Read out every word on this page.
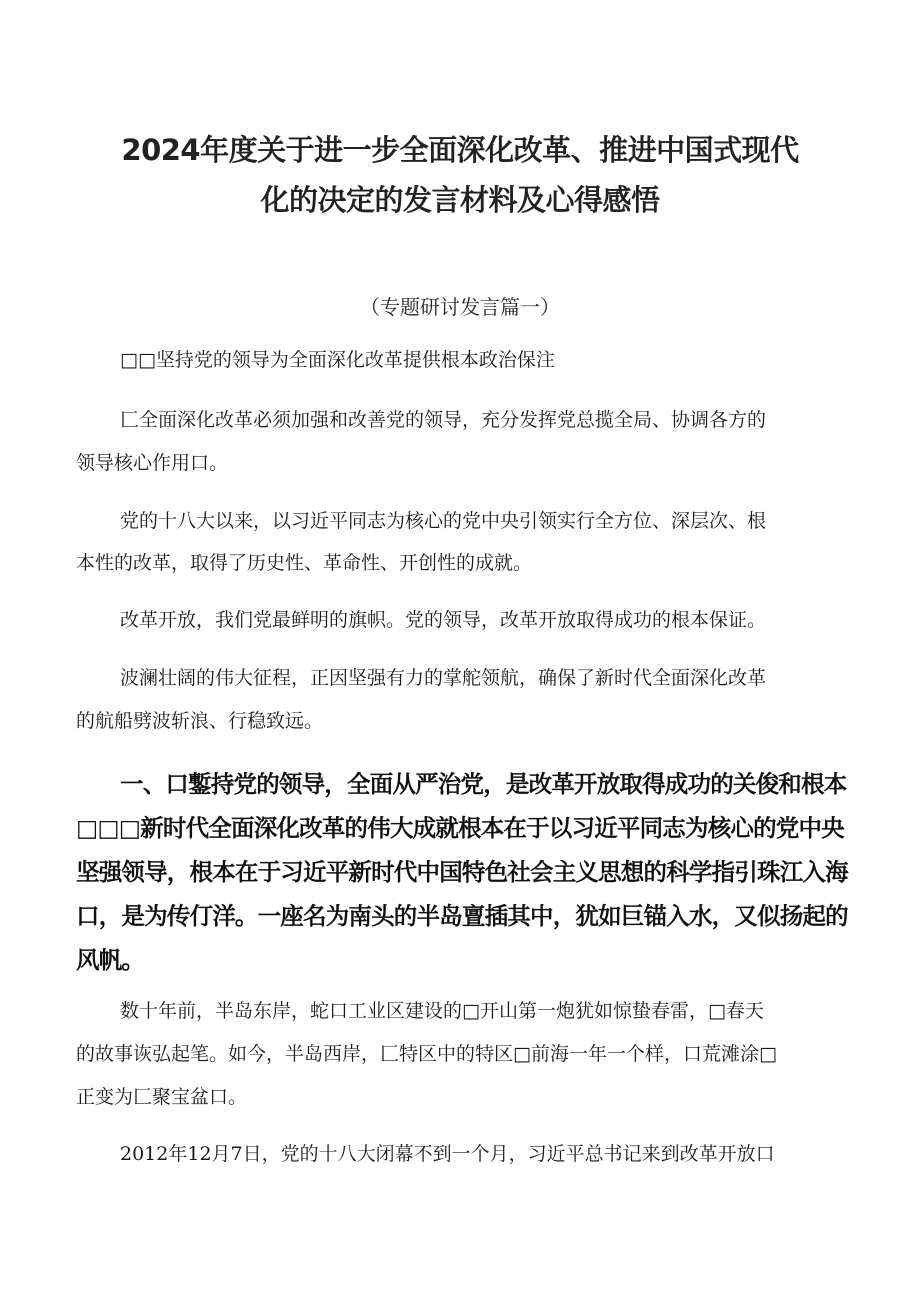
2024年度关于进一步全面深化改革、推进中国式现代
化的决定的发言材料及心得感悟
（专题研讨发言篇一）

□□坚持党的领导为全面深化改革提供根本政治保注

匚全面深化改革必须加强和改善党的领导，充分发挥党总揽全局、协调各方的

领导核心作用口。

党的十八大以来，以习近平同志为核心的党中央引领实行全方位、深层次、根

本性的改革，取得了历史性、革命性、开创性的成就。

改革开放，我们党最鲜明的旗帜。党的领导，改革开放取得成功的根本保证。

波澜壮阔的伟大征程，正因坚强有力的掌舵领航，确保了新时代全面深化改革

的航船劈波斩浪、行稳致远。

一、口鏨持党的领导，全面从严治党，是改革开放取得成功的关俊和根本

□□□新时代全面深化改革的伟大成就根本在于以习近平同志为核心的党中央

坚强领导，根本在于习近平新时代中国特色社会主义思想的科学指引珠江入海

口，是为传仃洋。一座名为南头的半岛亶插其中，犹如巨锚入水，又似扬起的

风帆。

数十年前，半岛东岸，蛇口工业区建设的□开山第一炮犹如惊蛰春雷，□春天

的故事诙弘起笔。如今，半岛西岸，匚特区中的特区□前海一年一个样，口荒滩涂□

正变为匚聚宝盆口。

2012年12月7日，党的十八大闭幕不到一个月，习近平总书记来到改革开放口
